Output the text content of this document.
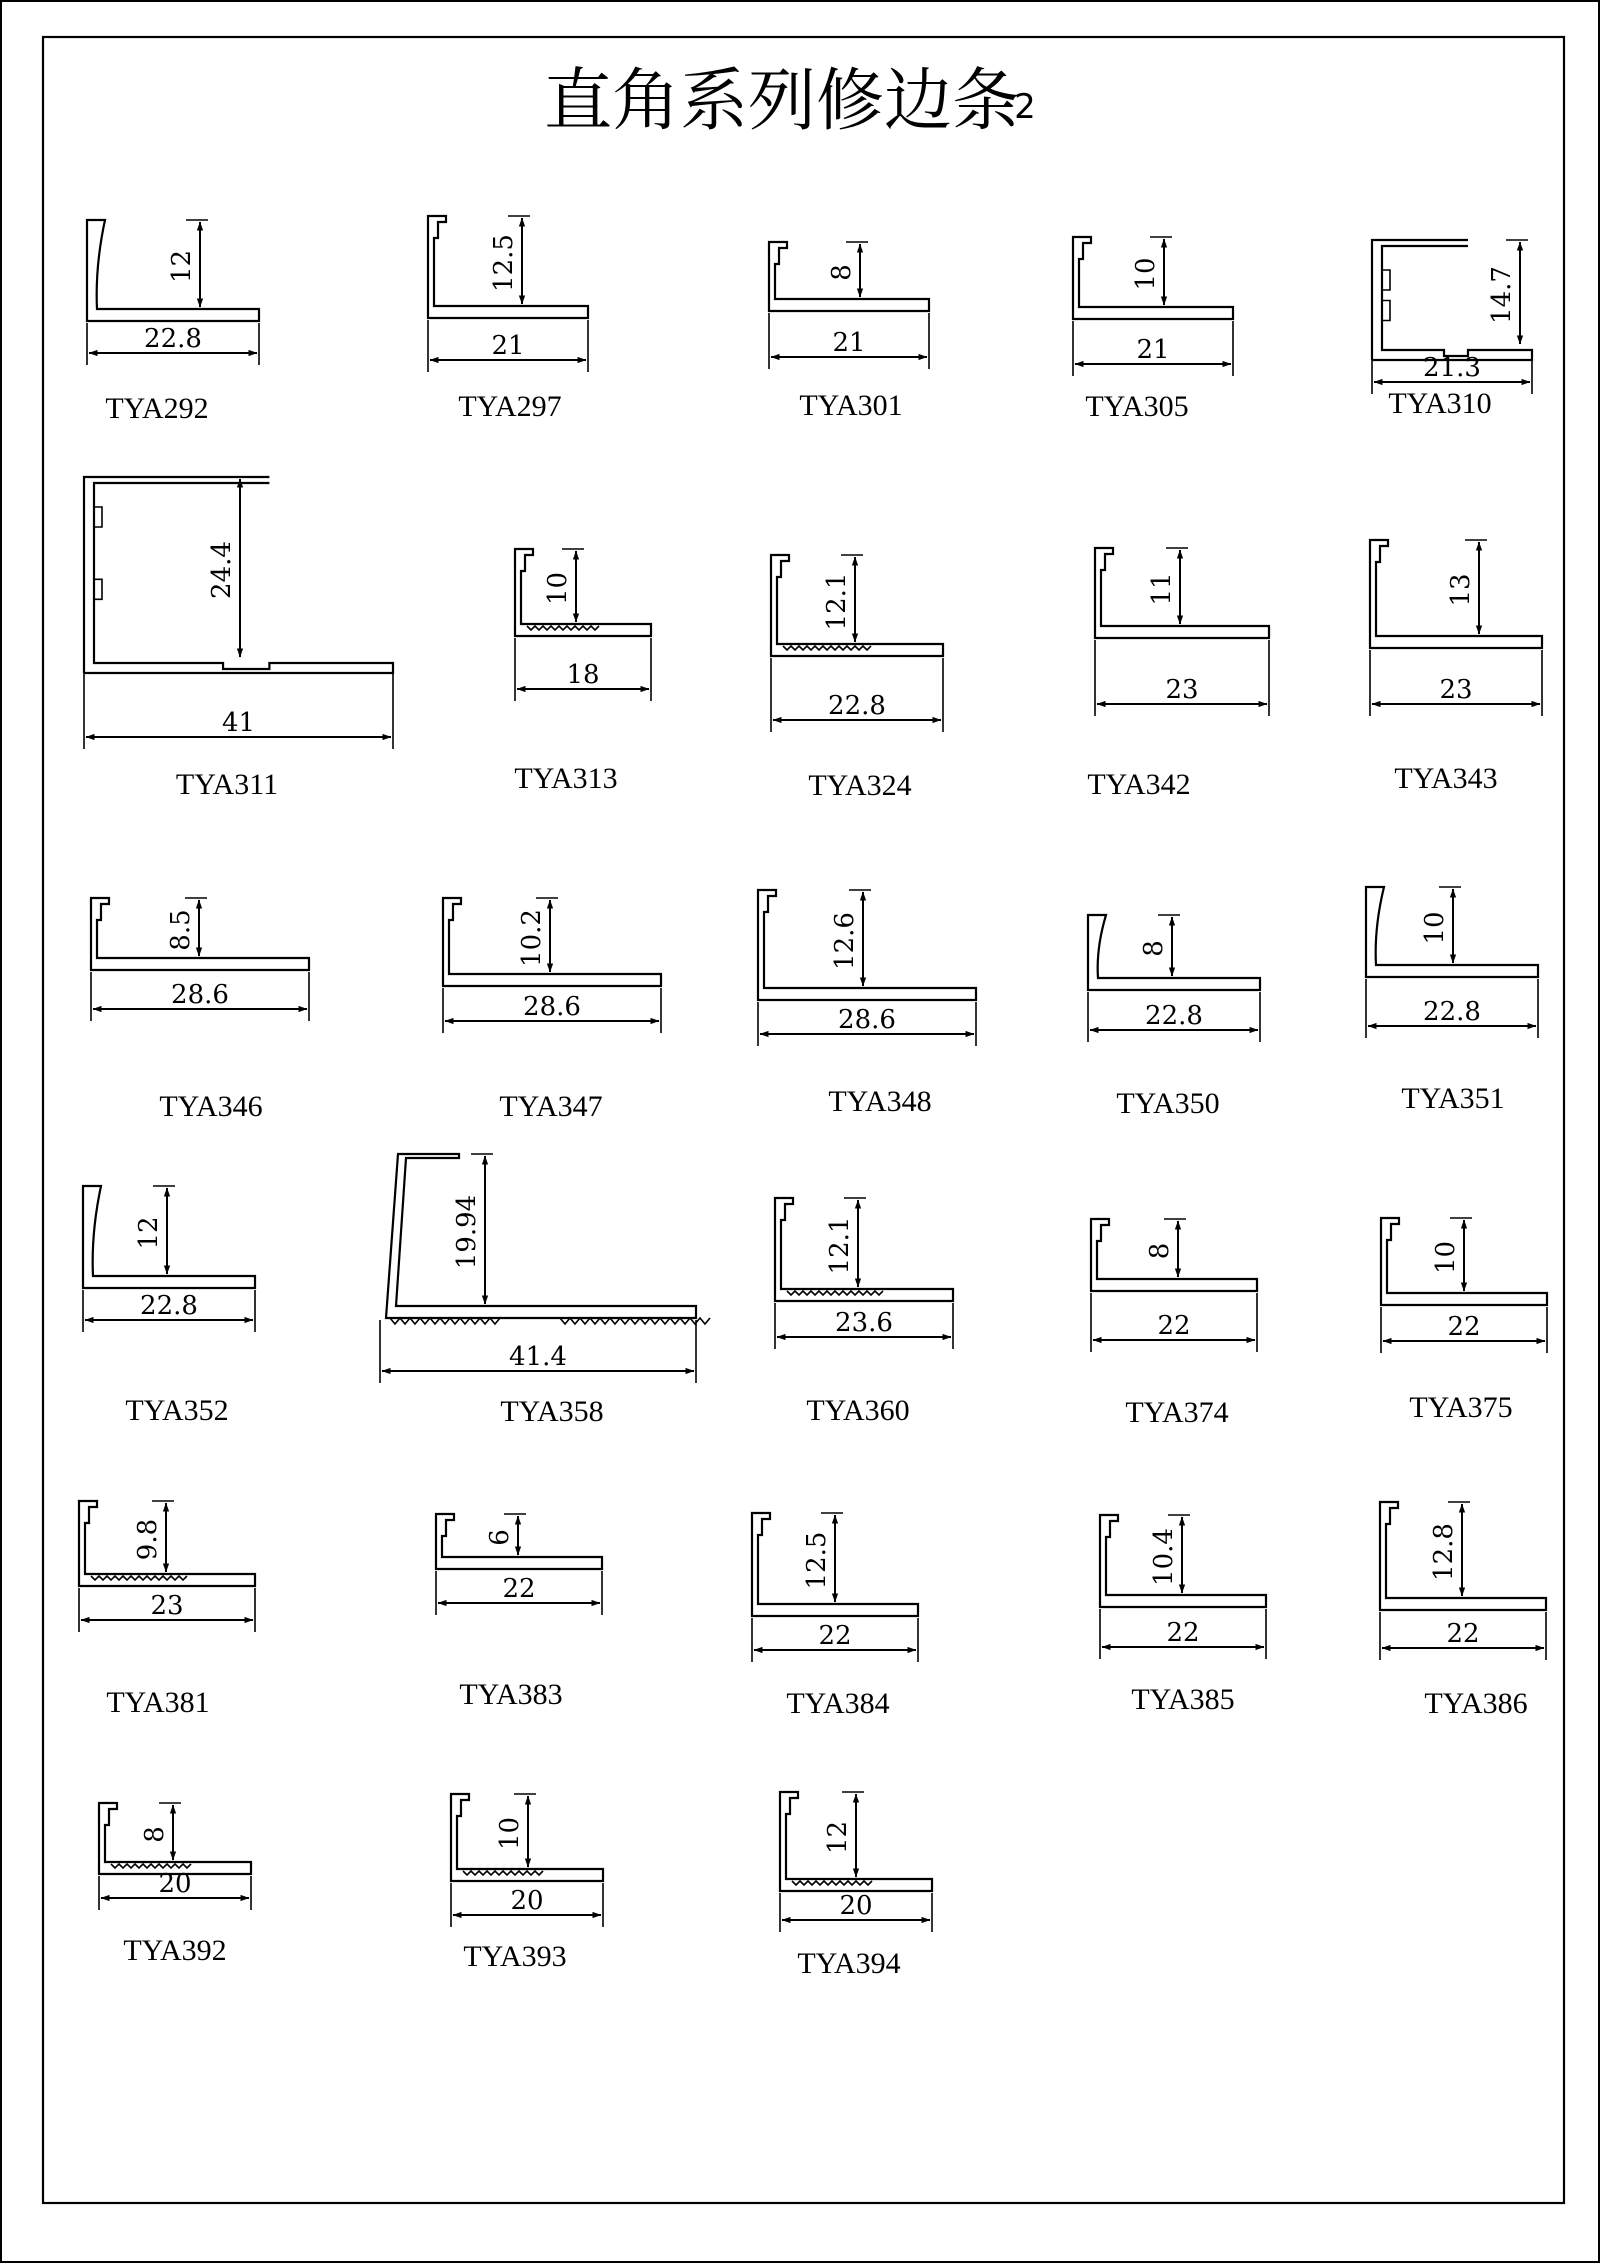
直角系列修边条
2
22.8
12
TYA292
21
12.5
TYA297
21
8
TYA301
21
10
TYA305
21.3
14.7
TYA310
41
24.4
TYA311
18
10
TYA313
22.8
12.1
TYA324
23
11
TYA342
23
13
TYA343
28.6
8.5
TYA346
28.6
10.2
TYA347
28.6
12.6
TYA348
22.8
8
TYA350
22.8
10
TYA351
22.8
12
TYA352
41.4
19.94
TYA358
23.6
12.1
TYA360
22
8
TYA374
22
10
TYA375
23
9.8
TYA381
22
6
TYA383
22
12.5
TYA384
22
10.4
TYA385
22
12.8
TYA386
20
8
TYA392
20
10
TYA393
20
12
TYA394
